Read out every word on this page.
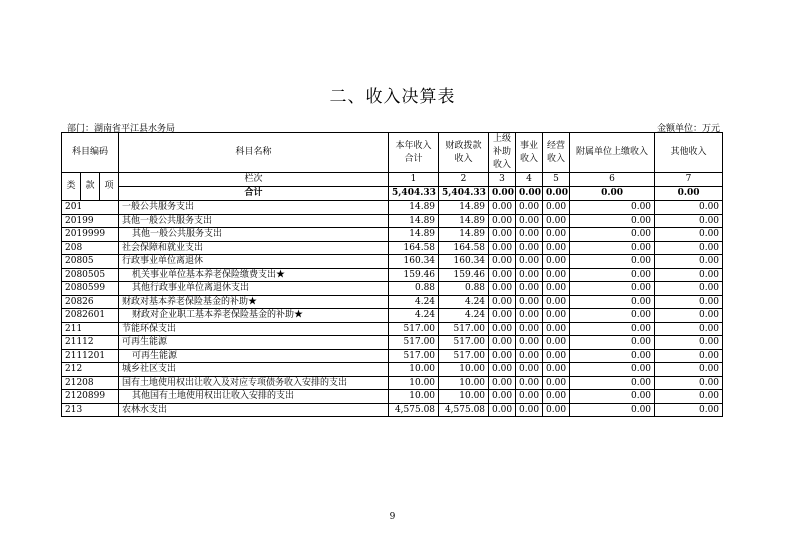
二、收入决算表
部门：湖南省平江县水务局	金额单位：万元
科目编码			科目名称	本年收入合计	财政拨款收入	上级补助收入	事业收入	经营收入	附属单位上缴收入	其他收入
类	款	项	栏次	1	2	3	4	5	6	7
			合计	5,404.33	5,404.33	0.00	0.00	0.00	0.00	0.00
201			一般公共服务支出	14.89	14.89	0.00	0.00	0.00	0.00	0.00
20199			其他一般公共服务支出	14.89	14.89	0.00	0.00	0.00	0.00	0.00
2019999			其他一般公共服务支出	14.89	14.89	0.00	0.00	0.00	0.00	0.00
208			社会保障和就业支出	164.58	164.58	0.00	0.00	0.00	0.00	0.00
20805			行政事业单位离退休	160.34	160.34	0.00	0.00	0.00	0.00	0.00
2080505			机关事业单位基本养老保险缴费支出★	159.46	159.46	0.00	0.00	0.00	0.00	0.00
2080599			其他行政事业单位离退休支出	0.88	0.88	0.00	0.00	0.00	0.00	0.00
20826			财政对基本养老保险基金的补助★	4.24	4.24	0.00	0.00	0.00	0.00	0.00
2082601			财政对企业职工基本养老保险基金的补助★	4.24	4.24	0.00	0.00	0.00	0.00	0.00
211			节能环保支出	517.00	517.00	0.00	0.00	0.00	0.00	0.00
21112			可再生能源	517.00	517.00	0.00	0.00	0.00	0.00	0.00
2111201			可再生能源	517.00	517.00	0.00	0.00	0.00	0.00	0.00
212			城乡社区支出	10.00	10.00	0.00	0.00	0.00	0.00	0.00
21208			国有土地使用权出让收入及对应专项债务收入安排的支出	10.00	10.00	0.00	0.00	0.00	0.00	0.00
2120899			其他国有土地使用权出让收入安排的支出	10.00	10.00	0.00	0.00	0.00	0.00	0.00
213			农林水支出	4,575.08	4,575.08	0.00	0.00	0.00	0.00	0.00
9
